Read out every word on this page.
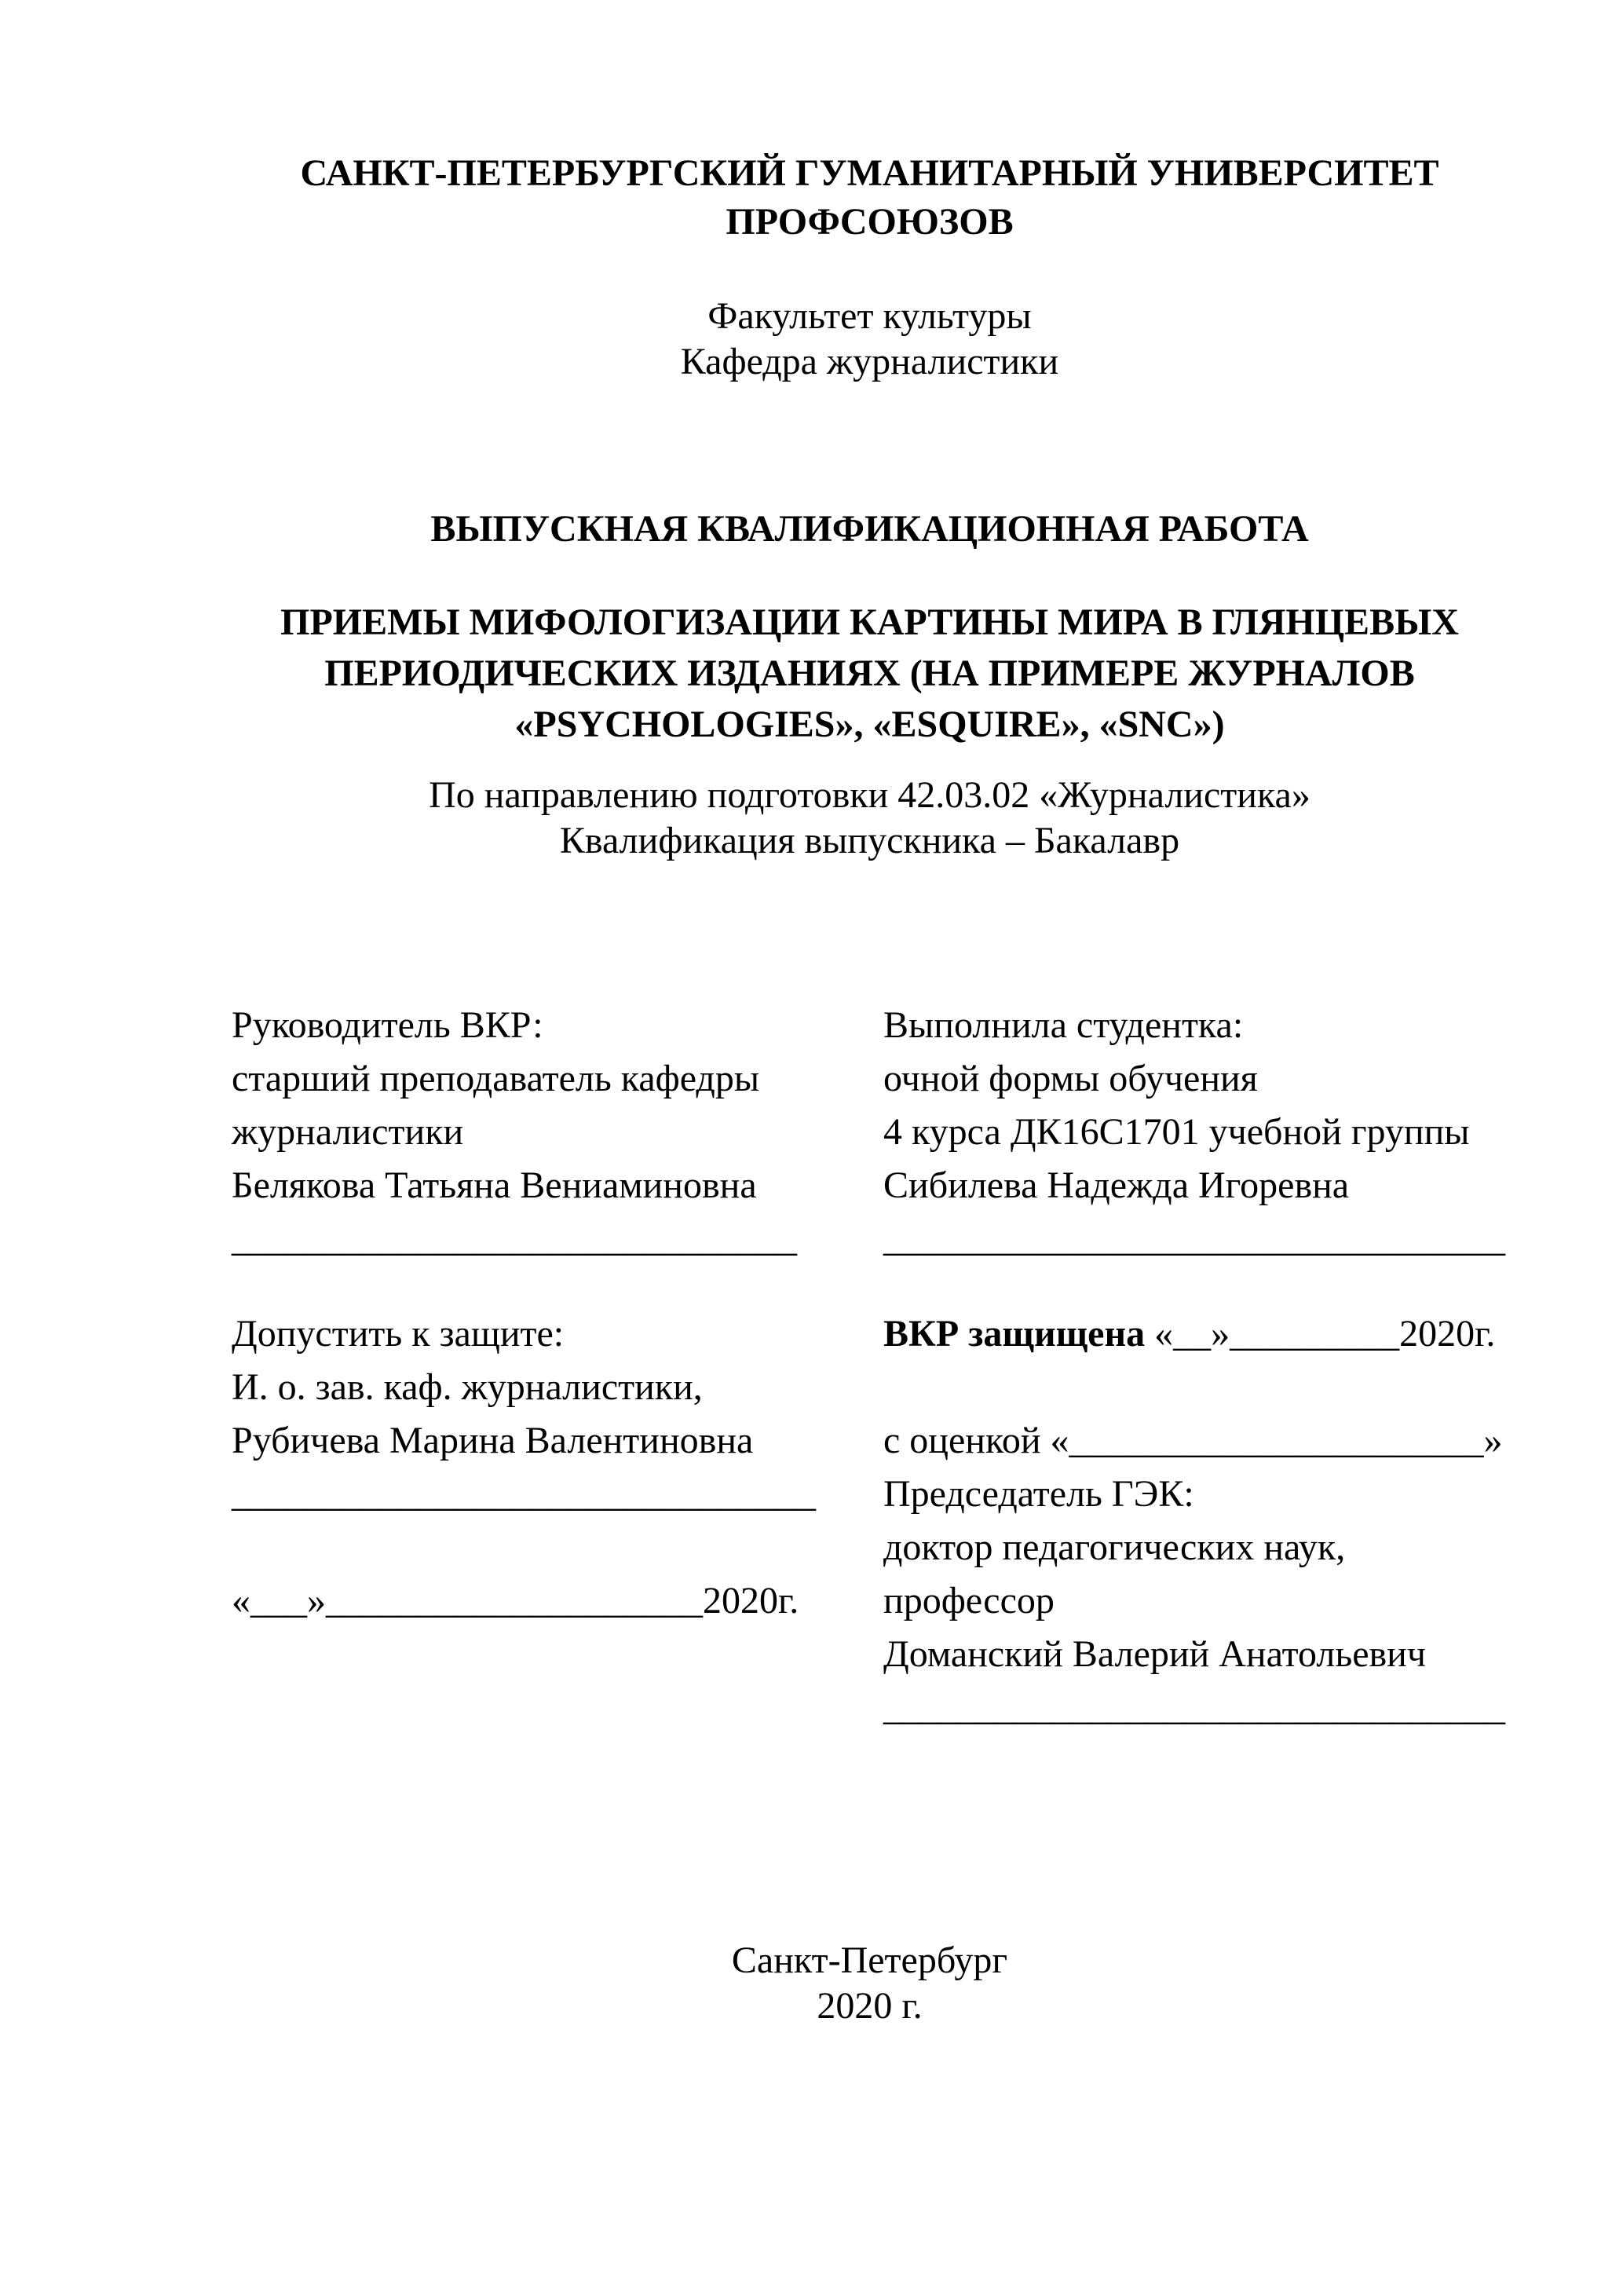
САНКТ-ПЕТЕРБУРГСКИЙ ГУМАНИТАРНЫЙ УНИВЕРСИТЕТ
ПРОФСОЮЗОВ
Факультет культуры
Кафедра журналистики
ВЫПУСКНАЯ КВАЛИФИКАЦИОННАЯ РАБОТА
ПРИЕМЫ МИФОЛОГИЗАЦИИ КАРТИНЫ МИРА В ГЛЯНЦЕВЫХ
ПЕРИОДИЧЕСКИХ ИЗДАНИЯХ (НА ПРИМЕРЕ ЖУРНАЛОВ
«PSYCHOLOGIES», «ESQUIRE», «SNC»)
По направлению подготовки 42.03.02 «Журналистика»
Квалификация выпускника – Бакалавр
Руководитель ВКР:
старший преподаватель кафедры
журналистики
Белякова Татьяна Вениаминовна
______________________________
Выполнила студентка:
очной формы обучения
4 курса ДК16С1701 учебной группы
Сибилева Надежда Игоревна
_________________________________
Допустить к защите:
И. о. зав. каф. журналистики,
Рубичева Марина Валентиновна
_______________________________

«___»____________________2020г.
ВКР защищена «__»_________2020г.

с оценкой «______________________»
Председатель ГЭК:
доктор педагогических наук,
профессор
Доманский Валерий Анатольевич
_________________________________
Санкт-Петербург
2020 г.
